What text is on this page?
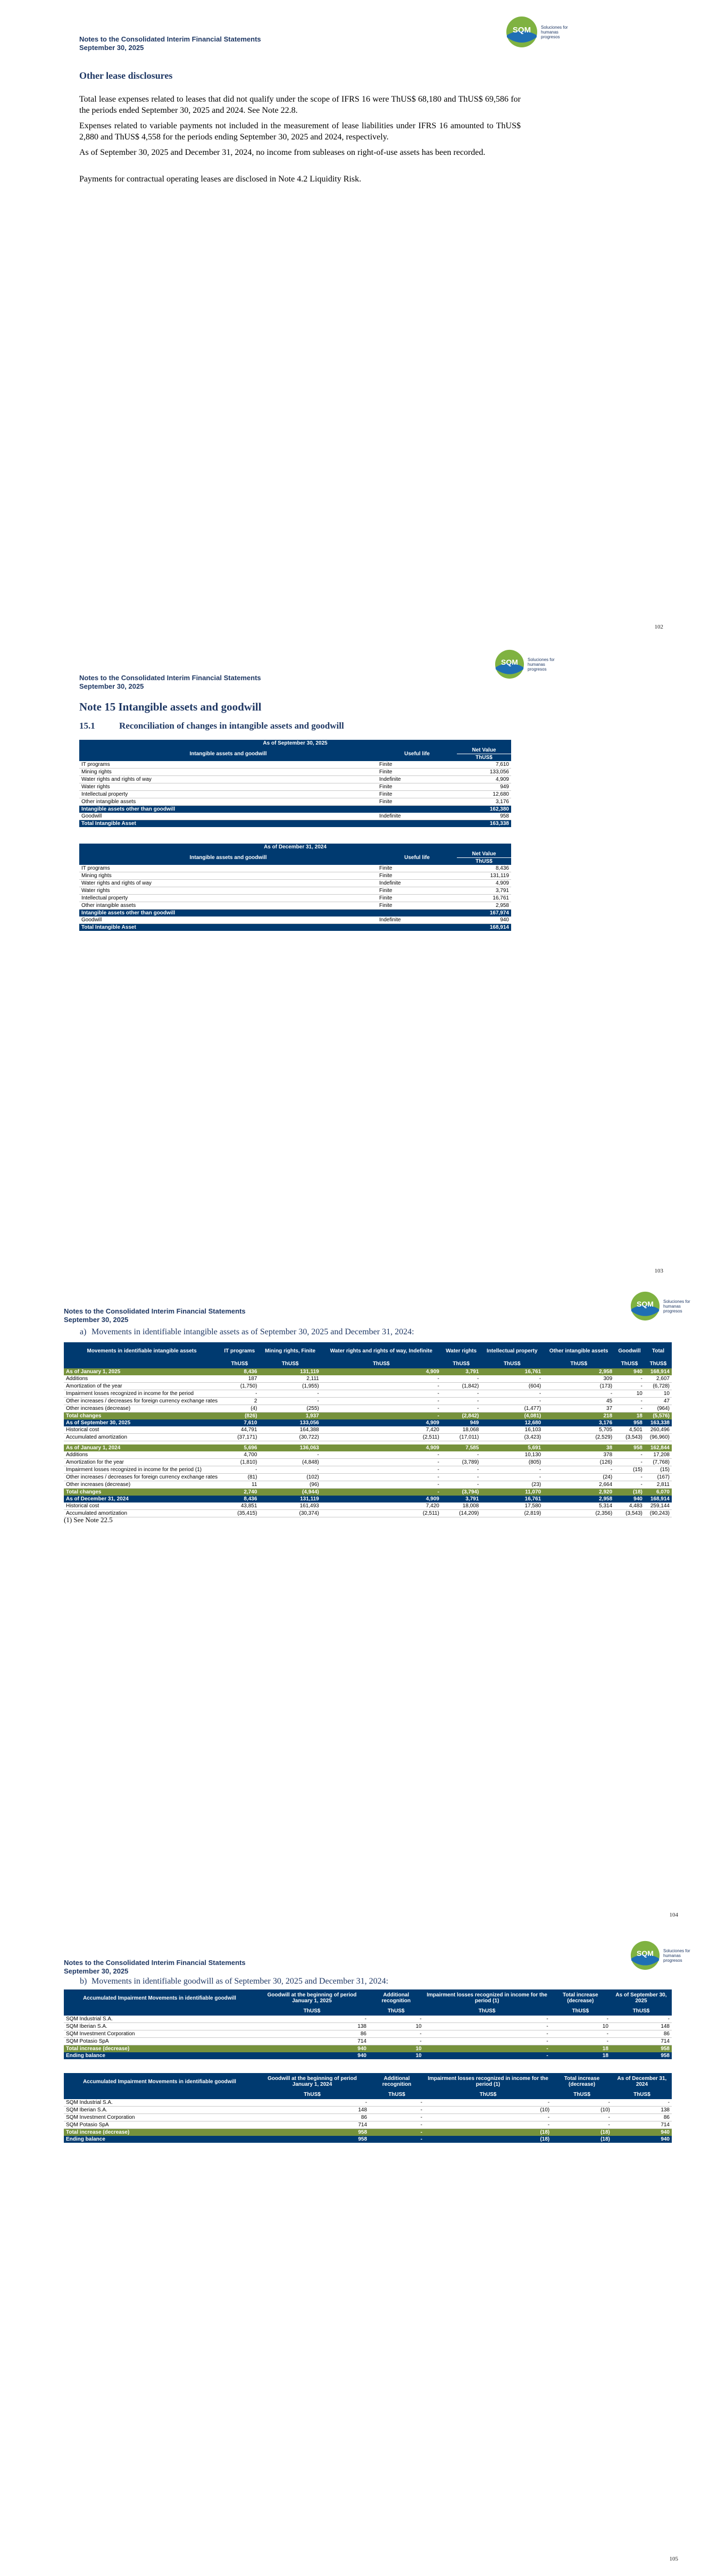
Notes to the Consolidated Interim Financial Statements
September 30, 2025
SQM Soluciones for humanas progresos
Other lease disclosures
Total lease expenses related to leases that did not qualify under the scope of IFRS 16 were ThUS$ 68,180 and ThUS$ 69,586 for the periods ended September 30, 2025 and 2024. See Note 22.8.
Expenses related to variable payments not included in the measurement of lease liabilities under IFRS 16 amounted to ThUS$ 2,880 and ThUS$ 4,558 for the periods ending September 30, 2025 and 2024, respectively.
As of September 30, 2025 and December 31, 2024, no income from subleases on right-of-use assets has been recorded.
Payments for contractual operating leases are disclosed in Note 4.2 Liquidity Risk.
102
Notes to the Consolidated Interim Financial Statements
September 30, 2025
SQM Soluciones for humanas progresos
Note 15 Intangible assets and goodwill
15.1	Reconciliation of changes in intangible assets and goodwill
As of September 30, 2025		
Intangible assets and goodwill	Useful life	Net Value
		ThUS$
IT programs	Finite	7,610
Mining rights	Finite	133,056
Water rights and rights of way	Indefinite	4,909
Water rights	Finite	949
Intellectual property	Finite	12,680
Other intangible assets	Finite	3,176
Intangible assets other than goodwill		162,380
Goodwill	Indefinite	958
Total Intangible Asset		163,338
As of December 31, 2024		
Intangible assets and goodwill	Useful life	Net Value
		ThUS$
IT programs	Finite	8,436
Mining rights	Finite	131,119
Water rights and rights of way	Indefinite	4,909
Water rights	Finite	3,791
Intellectual property	Finite	16,761
Other intangible assets	Finite	2,958
Intangible assets other than goodwill		167,974
Goodwill	Indefinite	940
Total Intangible Asset		168,914
103
Notes to the Consolidated Interim Financial Statements
September 30, 2025
SQM Soluciones for humanas progresos
a) Movements in identifiable intangible assets as of September 30, 2025 and December 31, 2024:
Movements in identifiable intangible assets	IT programs	Mining rights, Finite	Water rights and rights of way, Indefinite	Water rights	Intellectual property	Other intangible assets	Goodwill	Total
	ThUS$	ThUS$	ThUS$	ThUS$	ThUS$	ThUS$	ThUS$	ThUS$
As of January 1, 2025	8,436	131,119	4,909	3,791	16,761	2,958	940	168,914
Additions	187	2,111	-	-	-	309	-	2,607
Amortization of the year	(1,750)	(1,955)	-	(1,842)	(604)	(173)	-	(6,728)
Impairment losses recognized in income for the period	-	-	-	-	-	-	10	10
Other increases / decreases for foreign currency exchange rates	2	-	-	-	-	45	-	47
Other increases (decrease)	(4)	(255)	-	-	(1,477)	37	-	(964)
Total changes	(826)	1,937	-	(2,842)	(4,081)	218	18	(5,576)
As of September 30, 2025	7,610	133,056	4,909	949	12,680	3,176	958	163,338
Historical cost	44,791	164,388	7,420	18,068	16,103	5,705	4,501	260,496
Accumulated amortization	(37,171)	(30,722)	(2,511)	(17,011)	(3,423)	(2,529)	(3,543)	(96,960)

As of January 1, 2024	5,696	136,063	4,909	7,585	5,691	38	958	162,844
Additions	4,700	-	-	-	10,130	378	-	17,208
Amortization for the year	(1,810)	(4,848)	-	(3,789)	(805)	(126)	-	(7,768)
Impairment losses recognized in income for the period (1)	-	-	-	-	-	-	(15)	(15)
Other increases / decreases for foreign currency exchange rates	(81)	(102)	-	-	-	(24)	-	(167)
Other increases (decrease)	11	(96)	-	-	(23)	2,664	-	2,811
Total changes	2,740	(4,944)	-	(3,794)	11,070	2,920	(18)	6,070
As of December 31, 2024	8,436	131,119	4,909	3,791	16,761	2,958	940	168,914
Historical cost	43,851	161,493	7,420	18,008	17,580	5,314	4,483	259,144
Accumulated amortization	(35,415)	(30,374)	(2,511)	(14,209)	(2,819)	(2,356)	(3,543)	(90,243)
(1) See Note 22.5
104
Notes to the Consolidated Interim Financial Statements
September 30, 2025
SQM Soluciones for humanas progresos
b) Movements in identifiable goodwill as of September 30, 2025 and December 31, 2024:
Accumulated Impairment Movements in identifiable goodwill	Goodwill at the beginning of period January 1, 2025	Additional recognition	Impairment losses recognized in income for the period (1)	Total increase (decrease)	As of September 30, 2025
	ThUS$	ThUS$	ThUS$	ThUS$	ThUS$
SQM Industrial S.A.	-	-	-	-	-
SQM Iberian S.A.	138	10	-	10	148
SQM Investment Corporation	86	-	-	-	86
SQM Potasio SpA	714	-	-	-	714
Total increase (decrease)	940	10	-	18	958
Ending balance	940	10	-	18	958
Accumulated Impairment Movements in identifiable goodwill	Goodwill at the beginning of period January 1, 2024	Additional recognition	Impairment losses recognized in income for the period (1)	Total increase (decrease)	As of December 31, 2024
	ThUS$	ThUS$	ThUS$	ThUS$	ThUS$
SQM Industrial S.A.	-	-	-	-	-
SQM Iberian S.A.	148	-	(10)	(10)	138
SQM Investment Corporation	86	-	-	-	86
SQM Potasio SpA	714	-	-	-	714
Total increase (decrease)	958	-	(18)	(18)	940
Ending balance	958	-	(18)	(18)	940
105
